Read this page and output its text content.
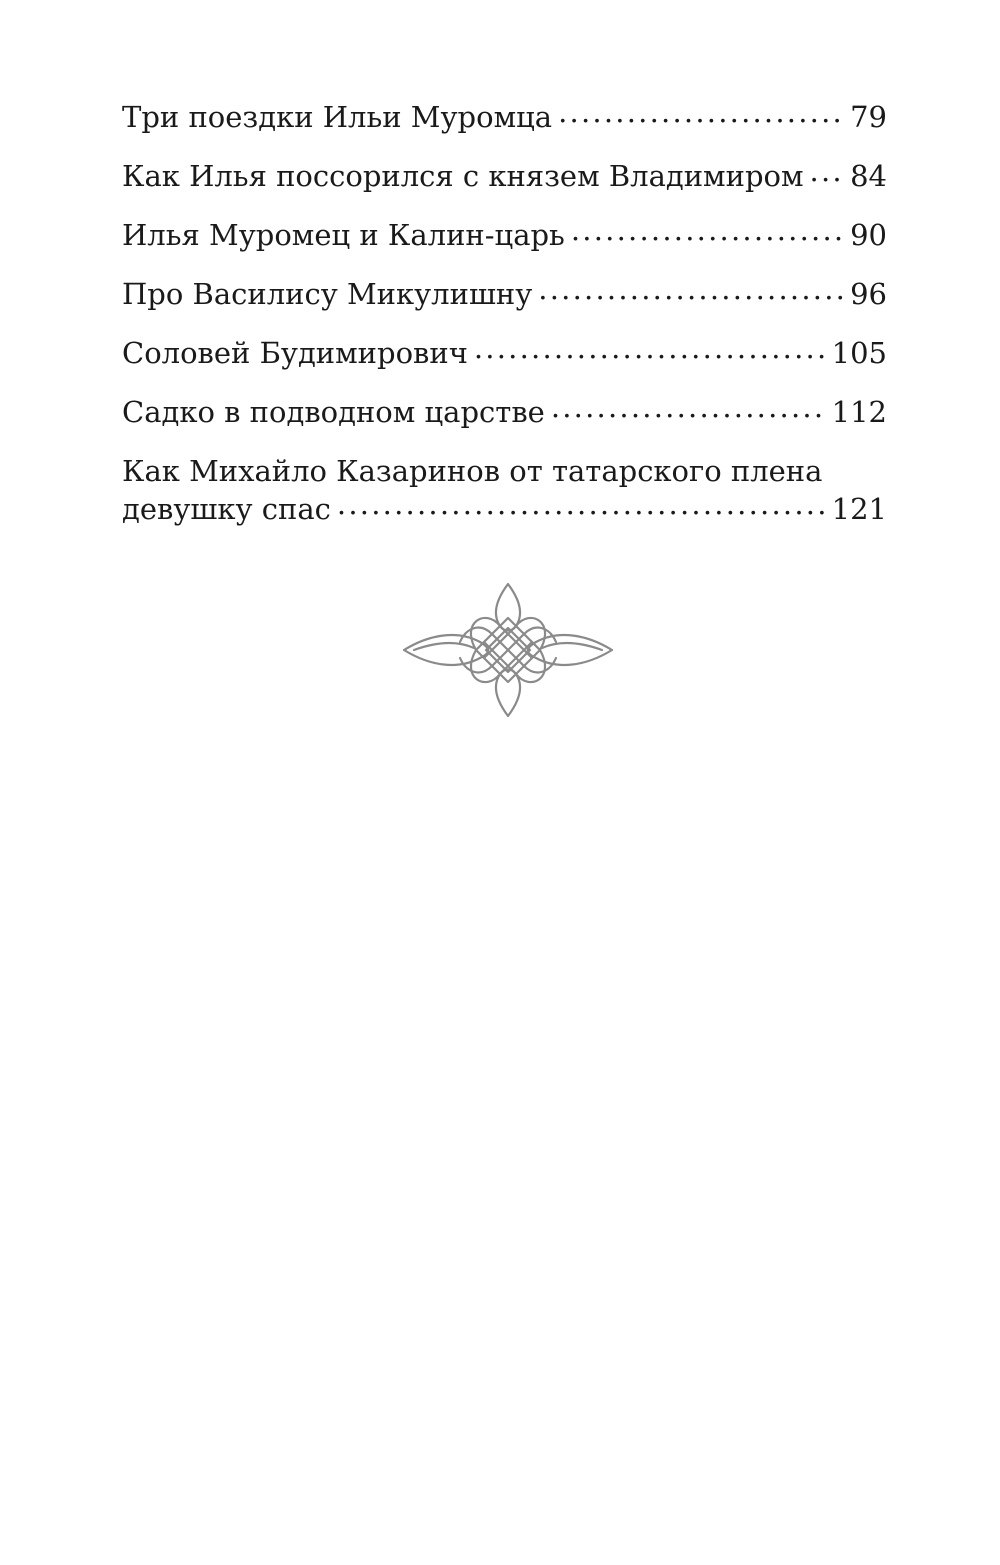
Три поездки Ильи Муромца . . .	79
Как Илья поссорился с князем Владимиром . . . 84
Илья Муромец и Калин-царь . . .	90
Про Василису Микулишну . . .	96
Соловей Будимирович . . .	105
Садко в подводном царстве . . .	112
Как Михайло Казаринов от татарского плена
девушку спас . . .	121
